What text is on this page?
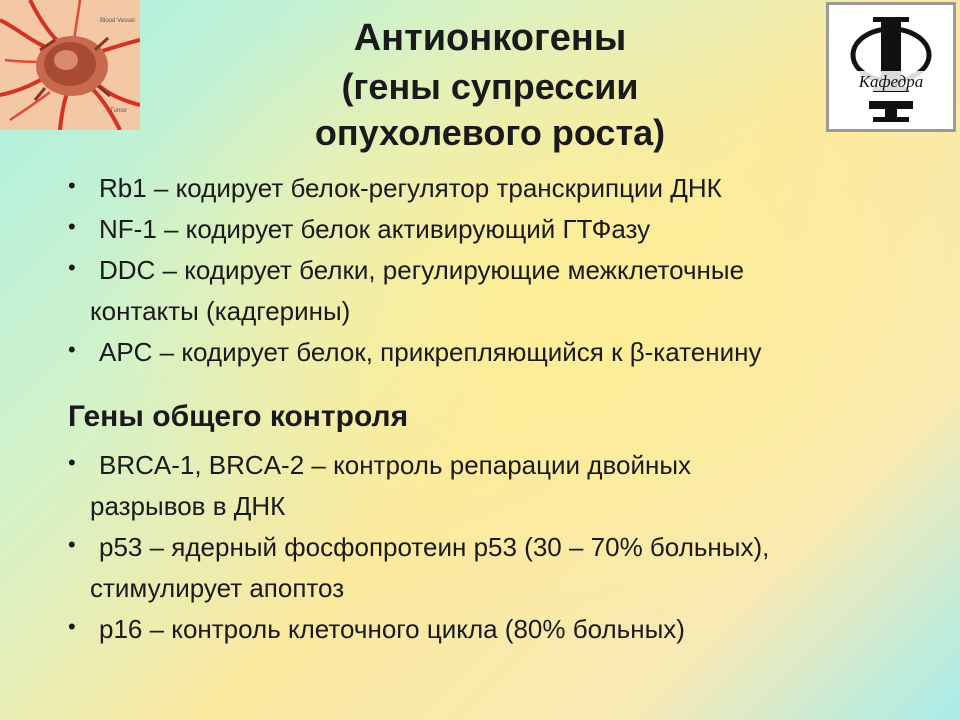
Blood Vessel
Tumor
Кафедра
Антионкогены
(гены супрессии
опухолевого роста)
• Rb1 – кодирует белок-регулятор транскрипции ДНК
• NF-1 – кодирует белок активирующий ГТФазу
• DDC – кодирует белки, регулирующие межклеточные
контакты (кадгерины)
• APC – кодирует белок, прикрепляющийся к β-катенину
Гены общего контроля
• BRCA-1, BRCA-2 – контроль репарации двойных
разрывов в ДНК
• p53 – ядерный фосфопротеин p53 (30 – 70% больных),
стимулирует апоптоз
• p16 – контроль клеточного цикла (80% больных)
